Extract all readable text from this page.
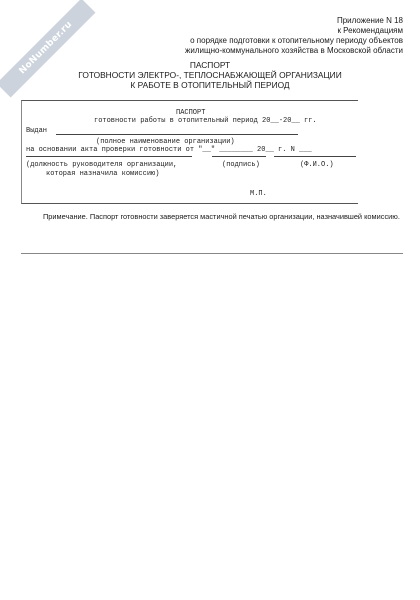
NoNumber.ru	Приложение N 18
к Рекомендациям
о порядке подготовки к отопительному периоду объектов
жилищно-коммунального хозяйства в Московской области
ПАСПОРТ
ГОТОВНОСТИ ЭЛЕКТРО-, ТЕПЛОСНАБЖАЮЩЕЙ ОРГАНИЗАЦИИ
К РАБОТЕ В ОТОПИТЕЛЬНЫЙ ПЕРИОД
ПАСПОРТ
готовности работы в отопительный период 20__-20__ гг.
Выдан
(полное наименование организации)
на основании акта проверки готовности от "__" ________ 20__ г. N ___
(должность руководителя организации,	(подпись)	(Ф.И.О.)
которая назначила комиссию)
М.П.
Примечание. Паспорт готовности заверяется мастичной печатью организации, назначившей комиссию.
